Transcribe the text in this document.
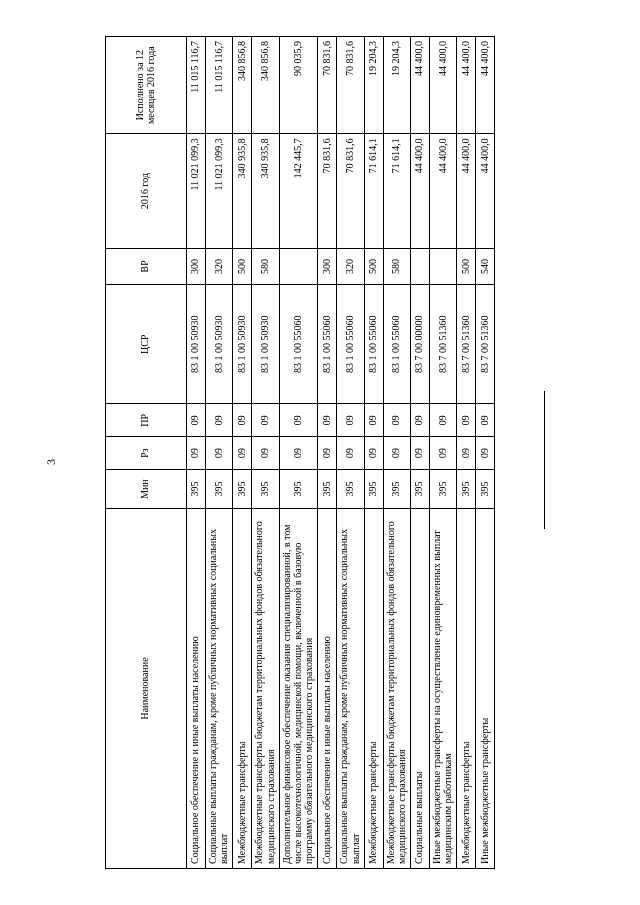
3
Наименование	Мин	Рз	ПР	ЦСР	ВР	2016 год	Исполнено за 12 месяцев 2016 года
Социальное обеспечение и иные выплаты населению	395	09	09	83 1 00 50930	300	11 021 099,3	11 015 116,7
Социальные выплаты гражданам, кроме публичных нормативных социальных выплат	395	09	09	83 1 00 50930	320	11 021 099,3	11 015 116,7
Межбюджетные трансферты	395	09	09	83 1 00 50930	500	340 935,8	340 856,8
Межбюджетные трансферты бюджетам территориальных фондов обязательного медицинского страхования	395	09	09	83 1 00 50930	580	340 935,8	340 856,8
Дополнительное финансовое обеспечение оказания специализированной, в том числе высокотехнологичной, медицинской помощи, включенной в базовую программу обязательного медицинского страхования	395	09	09	83 1 00 55060		142 445,7	90 035,9
Социальное обеспечение и иные выплаты населению	395	09	09	83 1 00 55060	300	70 831,6	70 831,6
Социальные выплаты гражданам, кроме публичных нормативных социальных выплат	395	09	09	83 1 00 55060	320	70 831,6	70 831,6
Межбюджетные трансферты	395	09	09	83 1 00 55060	500	71 614,1	19 204,3
Межбюджетные трансферты бюджетам территориальных фондов обязательного медицинского страхования	395	09	09	83 1 00 55060	580	71 614,1	19 204,3
Социальные выплаты	395	09	09	83 7 00 00000		44 400,0	44 400,0
Иные межбюджетные трансферты на осуществление единовременных выплат медицинским работникам	395	09	09	83 7 00 51360		44 400,0	44 400,0
Межбюджетные трансферты	395	09	09	83 7 00 51360	500	44 400,0	44 400,0
Иные межбюджетные трансферты	395	09	09	83 7 00 51360	540	44 400,0	44 400,0
